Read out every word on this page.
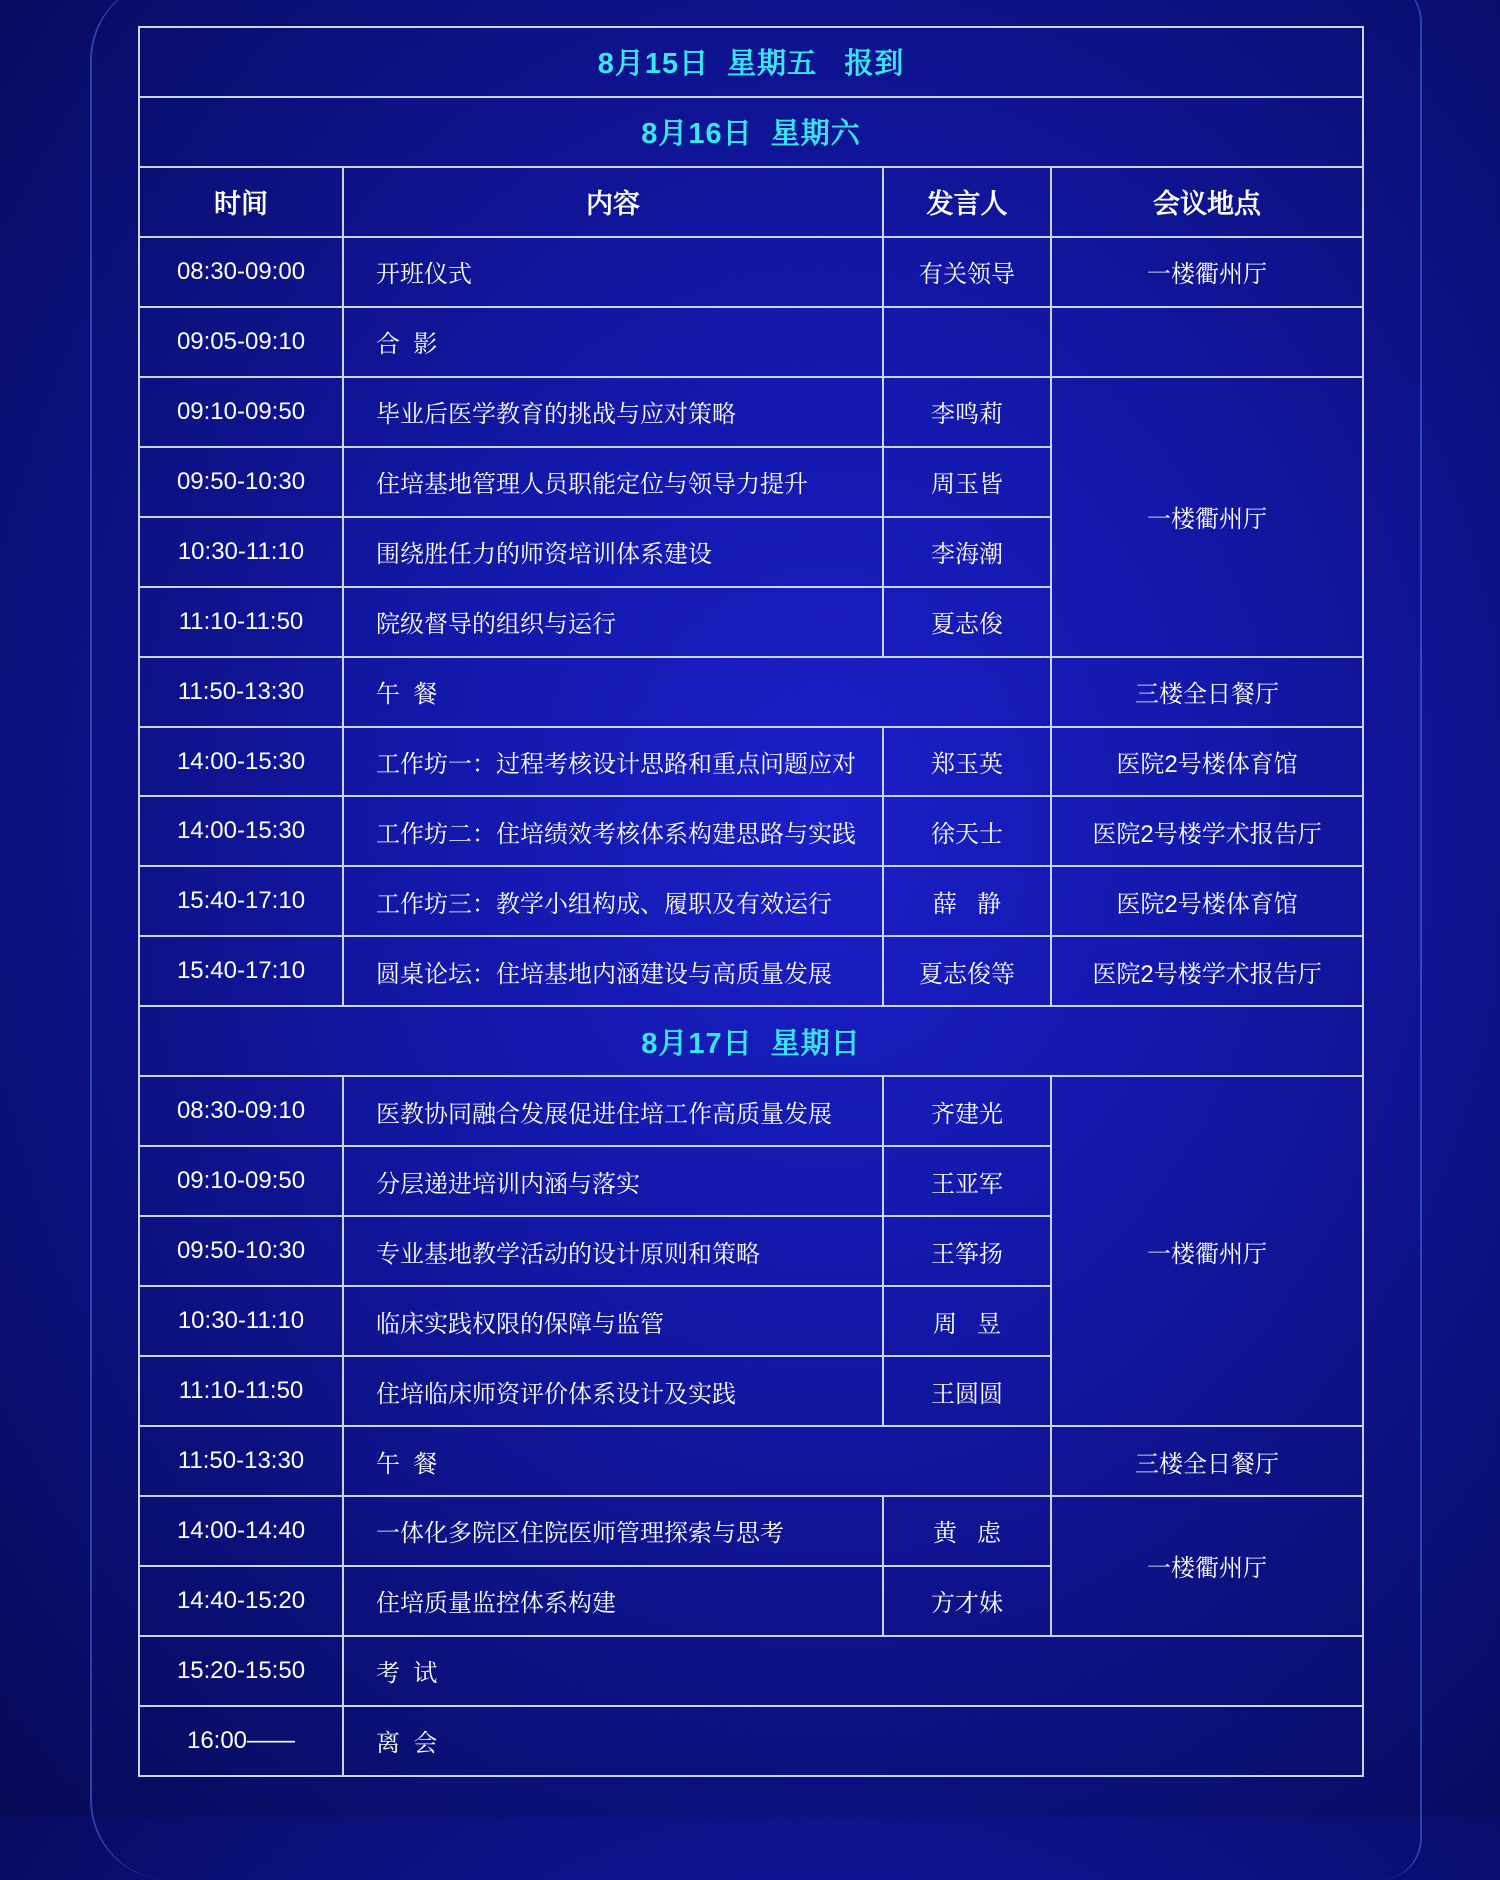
8月15日  星期五   报到			
8月16日  星期六			
时间	内容	发言人	会议地点
08:30-09:00	开班仪式	有关领导	一楼衢州厅
09:05-09:10	合  影		
09:10-09:50	毕业后医学教育的挑战与应对策略	李鸣莉	一楼衢州厅
09:50-10:30	住培基地管理人员职能定位与领导力提升	周玉皆	
10:30-11:10	围绕胜任力的师资培训体系建设	李海潮	
11:10-11:50	院级督导的组织与运行	夏志俊	
11:50-13:30	午  餐		三楼全日餐厅
14:00-15:30	工作坊一：过程考核设计思路和重点问题应对	郑玉英	医院2号楼体育馆
14:00-15:30	工作坊二：住培绩效考核体系构建思路与实践	徐天士	医院2号楼学术报告厅
15:40-17:10	工作坊三：教学小组构成、履职及有效运行	薛   静	医院2号楼体育馆
15:40-17:10	圆桌论坛：住培基地内涵建设与高质量发展	夏志俊等	医院2号楼学术报告厅
8月17日  星期日			
08:30-09:10	医教协同融合发展促进住培工作高质量发展	齐建光	一楼衢州厅
09:10-09:50	分层递进培训内涵与落实	王亚军	
09:50-10:30	专业基地教学活动的设计原则和策略	王筝扬	
10:30-11:10	临床实践权限的保障与监管	周   昱	
11:10-11:50	住培临床师资评价体系设计及实践	王圆圆	
11:50-13:30	午  餐		三楼全日餐厅
14:00-14:40	一体化多院区住院医师管理探索与思考	黄   虑	一楼衢州厅
14:40-15:20	住培质量监控体系构建	方才妹	
15:20-15:50	考  试		
16:00——	离  会		
